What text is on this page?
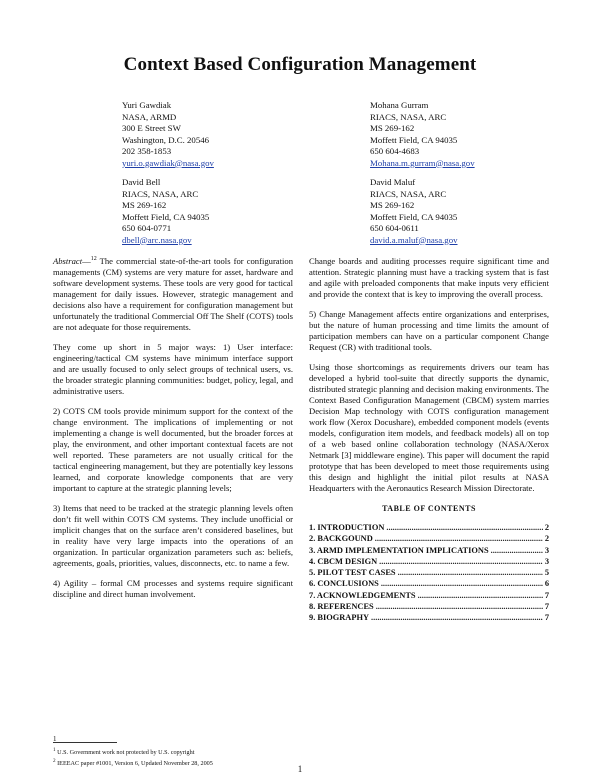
Context Based Configuration Management
Yuri Gawdiak
NASA, ARMD
300 E Street SW
Washington, D.C. 20546
202 358-1853
yuri.o.gawdiak@nasa.gov
Mohana Gurram
RIACS, NASA, ARC
MS 269-162
Moffett Field, CA 94035
650 604-4683
Mohana.m.gurram@nasa.gov
David Bell
RIACS, NASA, ARC
MS 269-162
Moffett Field, CA 94035
650 604-0771
dbell@arc.nasa.gov
David Maluf
RIACS, NASA, ARC
MS 269-162
Moffett Field, CA 94035
650 604-0611
david.a.maluf@nasa.gov

Abstract—$^{12}$ The commercial state-of-the-art tools for configuration managements (CM) systems are very mature for asset, hardware and software development systems. These tools are very good for tactical management for daily issues. However, strategic management and decisions also have a requirement for configuration management but unfortunately the traditional Commercial Off The Shelf (COTS) tools are not adequate for those requirements.

They come up short in 5 major ways: 1) User interface: engineering/tactical CM systems have minimum interface support and are usually focused to only select groups of technical users, vs. the broader strategic planning communities: budget, policy, legal, and administrative users.

2) COTS CM tools provide minimum support for the context of the change environment. The implications of implementing or not implementing a change is well documented, but the broader forces at play, the environment, and other important contextual facets are not well reported. These parameters are not usually critical for the tactical engineering management, but they are potentially key lessons learned, and corporate knowledge components that are very important to capture at the strategic planning levels;

3) Items that need to be tracked at the strategic planning levels often don’t fit well within COTS CM systems. They include unofficial or implicit changes that on the surface aren’t considered baselines, but in reality have very large impacts into the operations of an organization. In particular organization parameters such as: beliefs, agreements, goals, priorities, values, disconnects, etc. to name a few.

4) Agility – formal CM processes and systems require significant discipline and direct human involvement.

Change boards and auditing processes require significant time and attention. Strategic planning must have a tracking system that is fast and agile with preloaded components that make inputs very efficient and provide the context that is key to improving the overall process.

5) Change Management affects entire organizations and enterprises, but the nature of human processing and time limits the amount of participation members can have on a particular component Change Request (CR) with traditional tools.

Using those shortcomings as requirements drivers our team has developed a hybrid tool-suite that directly supports the dynamic, distributed strategic planning and decision making environments. The Context Based Configuration Management (CBCM) system marries Decision Map technology with COTS configuration management work flow (Xerox Docushare), embedded component models (events models, configuration item models, and feedback models) all on top of a web based online collaboration technology (NASA/Xerox Netmark [3] middleware engine). This paper will document the rapid prototype that has been developed to meet those requirements using this design and highlight the initial pilot results at NASA Headquarters with the Aeronautics Research Mission Directorate.

TABLE OF CONTENTS
1. INTRODUCTION .....	2
2. BACKGOUND .....	2
3. ARMD IMPLEMENTATION IMPLICATIONS .....	3
4. CBCM DESIGN .....	3
5. PILOT TEST CASES .....	5
6. CONCLUSIONS .....	6
7. ACKNOWLEDGEMENTS .....	7
8. REFERENCES .....	7
9. BIOGRAPHY .....	7
1
$^1$ U.S. Government work not protected by U.S. copyright
$^2$ IEEEAC paper #1001, Version 6, Updated November 28, 2005
1
